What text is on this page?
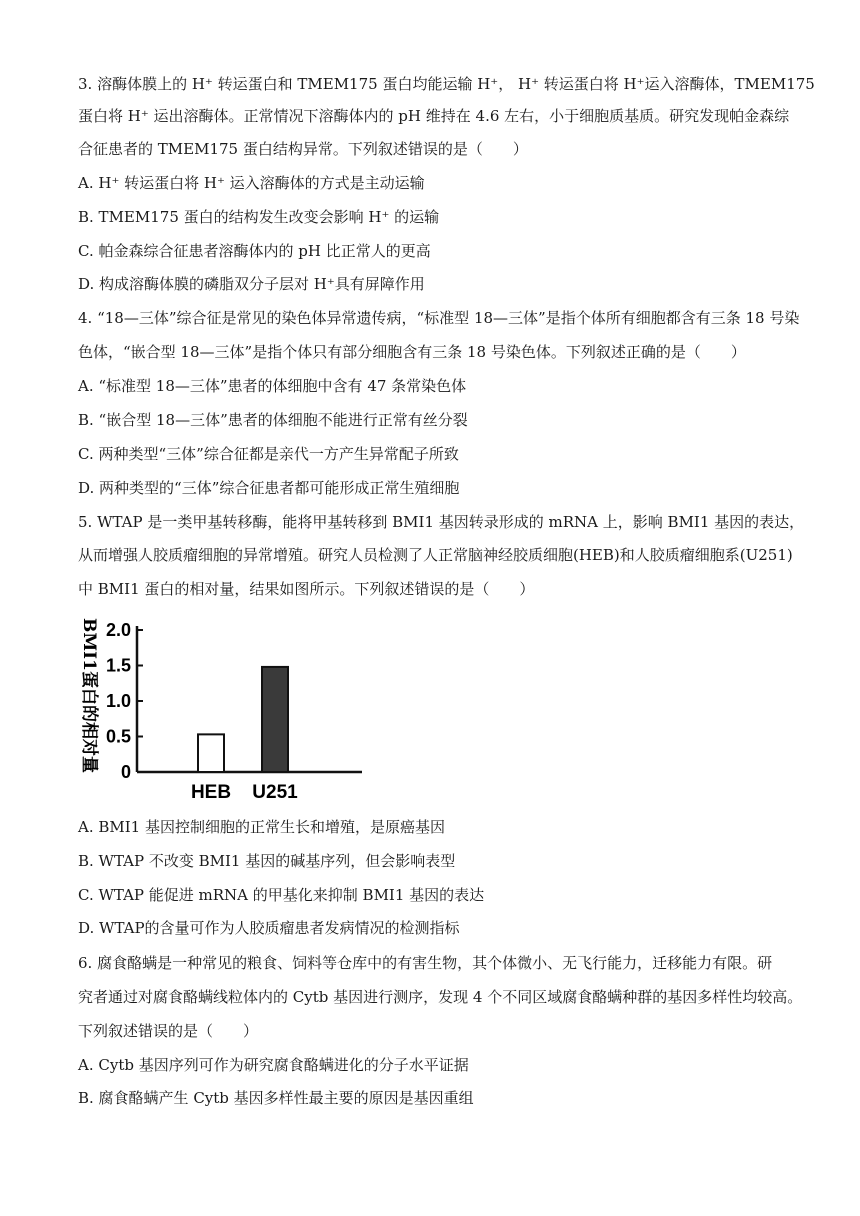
3. 溶酶体膜上的 H⁺ 转运蛋白和 TMEM175 蛋白均能运输 H⁺， H⁺ 转运蛋白将 H⁺运入溶酶体，TMEM175
蛋白将 H⁺ 运出溶酶体。正常情况下溶酶体内的 pH 维持在 4.6 左右，小于细胞质基质。研究发现帕金森综
合征患者的 TMEM175 蛋白结构异常。下列叙述错误的是（　　）
A. H⁺ 转运蛋白将 H⁺ 运入溶酶体的方式是主动运输
B. TMEM175 蛋白的结构发生改变会影响 H⁺ 的运输
C. 帕金森综合征患者溶酶体内的 pH 比正常人的更高
D. 构成溶酶体膜的磷脂双分子层对 H⁺具有屏障作用
4. “18—三体”综合征是常见的染色体异常遗传病，“标准型 18—三体”是指个体所有细胞都含有三条 18 号染
色体，“嵌合型 18—三体”是指个体只有部分细胞含有三条 18 号染色体。下列叙述正确的是（　　）
A. “标准型 18—三体”患者的体细胞中含有 47 条常染色体
B. “嵌合型 18—三体”患者的体细胞不能进行正常有丝分裂
C. 两种类型“三体”综合征都是亲代一方产生异常配子所致
D. 两种类型的“三体”综合征患者都可能形成正常生殖细胞
5. WTAP 是一类甲基转移酶，能将甲基转移到 BMI1 基因转录形成的 mRNA 上，影响 BMI1 基因的表达，
从而增强人胶质瘤细胞的异常增殖。研究人员检测了人正常脑神经胶质细胞(HEB)和人胶质瘤细胞系(U251)
中 BMI1 蛋白的相对量，结果如图所示。下列叙述错误的是（　　）
BMI1蛋白的相对量 2.0
1.5
1.0
0.5
0
HEB U251
A. BMI1 基因控制细胞的正常生长和增殖，是原癌基因
B. WTAP 不改变 BMI1 基因的碱基序列，但会影响表型
C. WTAP 能促进 mRNA 的甲基化来抑制 BMI1 基因的表达
D. WTAP的含量可作为人胶质瘤患者发病情况的检测指标
6. 腐食酪螨是一种常见的粮食、饲料等仓库中的有害生物，其个体微小、无飞行能力，迁移能力有限。研
究者通过对腐食酪螨线粒体内的 Cytb 基因进行测序，发现 4 个不同区域腐食酪螨种群的基因多样性均较高。
下列叙述错误的是（　　）
A. Cytb 基因序列可作为研究腐食酪螨进化的分子水平证据
B. 腐食酪螨产生 Cytb 基因多样性最主要的原因是基因重组
